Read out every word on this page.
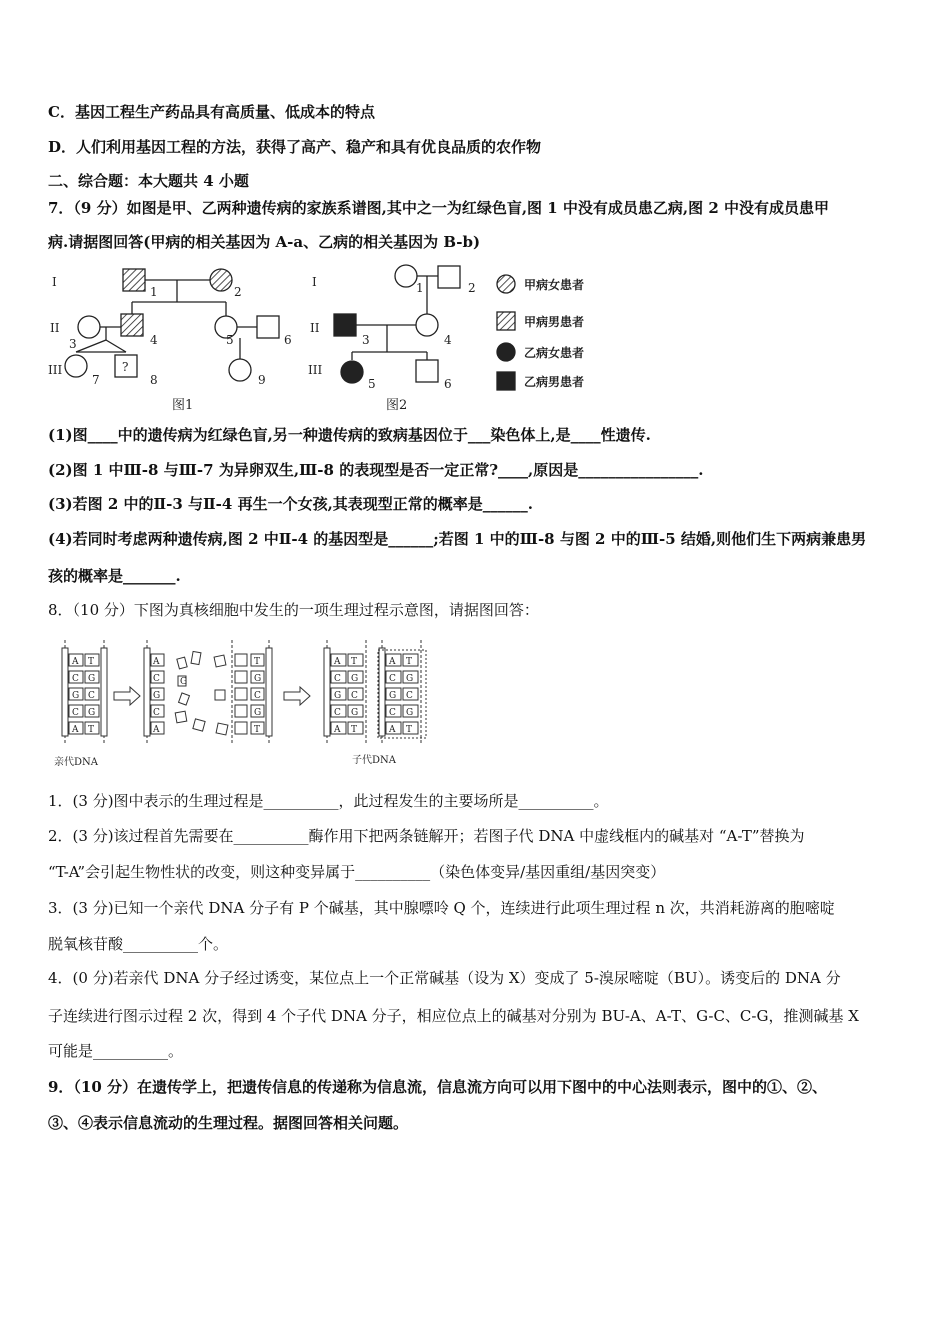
C．基因工程生产药品具有高质量、低成本的特点
D．人们利用基因工程的方法，获得了高产、稳产和具有优良品质的农作物
二、综合题：本大题共 4 小题
7．（9 分）如图是甲、乙两种遗传病的家族系谱图,其中之一为红绿色盲,图 1 中没有成员患乙病,图 2 中没有成员患甲
病.请据图回答(甲病的相关基因为 A-a、乙病的相关基因为 B-b)
I
II
III
I
II
III
1	2
3	4	5	6
7	8	9
?
图1
1	2
3	4
5	6
图2
甲病女患者
甲病男患者
乙病女患者
乙病男患者
(1)图____中的遗传病为红绿色盲,另一种遗传病的致病基因位于___染色体上,是____性遗传.
(2)图 1 中Ⅲ-8 与Ⅲ-7 为异卵双生,Ⅲ-8 的表现型是否一定正常?____,原因是________________.
(3)若图 2 中的Ⅱ-3 与Ⅱ-4 再生一个女孩,其表现型正常的概率是______.
(4)若同时考虑两种遗传病,图 2 中Ⅱ-4 的基因型是______;若图 1 中的Ⅲ-8 与图 2 中的Ⅲ-5 结婚,则他们生下两病兼患男
孩的概率是_______.
8．（10 分）下图为真核细胞中发生的一项生理过程示意图，请据图回答：
A T
C G
G C
C G
A T
A
C
G
C
A
G
T
G
C
G
T
A T
C G
G C
C G
A T
A T
C G
G C
C G
A T
亲代DNA	子代DNA
1．(3 分)图中表示的生理过程是__________，此过程发生的主要场所是__________。
2．(3 分)该过程首先需要在__________酶作用下把两条链解开；若图子代 DNA 中虚线框内的碱基对 “A-T”替换为
“T-A”会引起生物性状的改变，则这种变异属于__________（染色体变异/基因重组/基因突变）
3．(3 分)已知一个亲代 DNA 分子有 P 个碱基，其中腺嘌呤 Q 个，连续进行此项生理过程 n 次，共消耗游离的胞嘧啶
脱氧核苷酸__________个。
4．(0 分)若亲代 DNA 分子经过诱变，某位点上一个正常碱基（设为 X）变成了 5-溴尿嘧啶（BU）。诱变后的 DNA 分
子连续进行图示过程 2 次，得到 4 个子代 DNA 分子，相应位点上的碱基对分别为 BU-A、A-T、G-C、C-G，推测碱基 X
可能是__________。
9．（10 分）在遗传学上，把遗传信息的传递称为信息流，信息流方向可以用下图中的中心法则表示，图中的①、②、
③、④表示信息流动的生理过程。据图回答相关问题。
